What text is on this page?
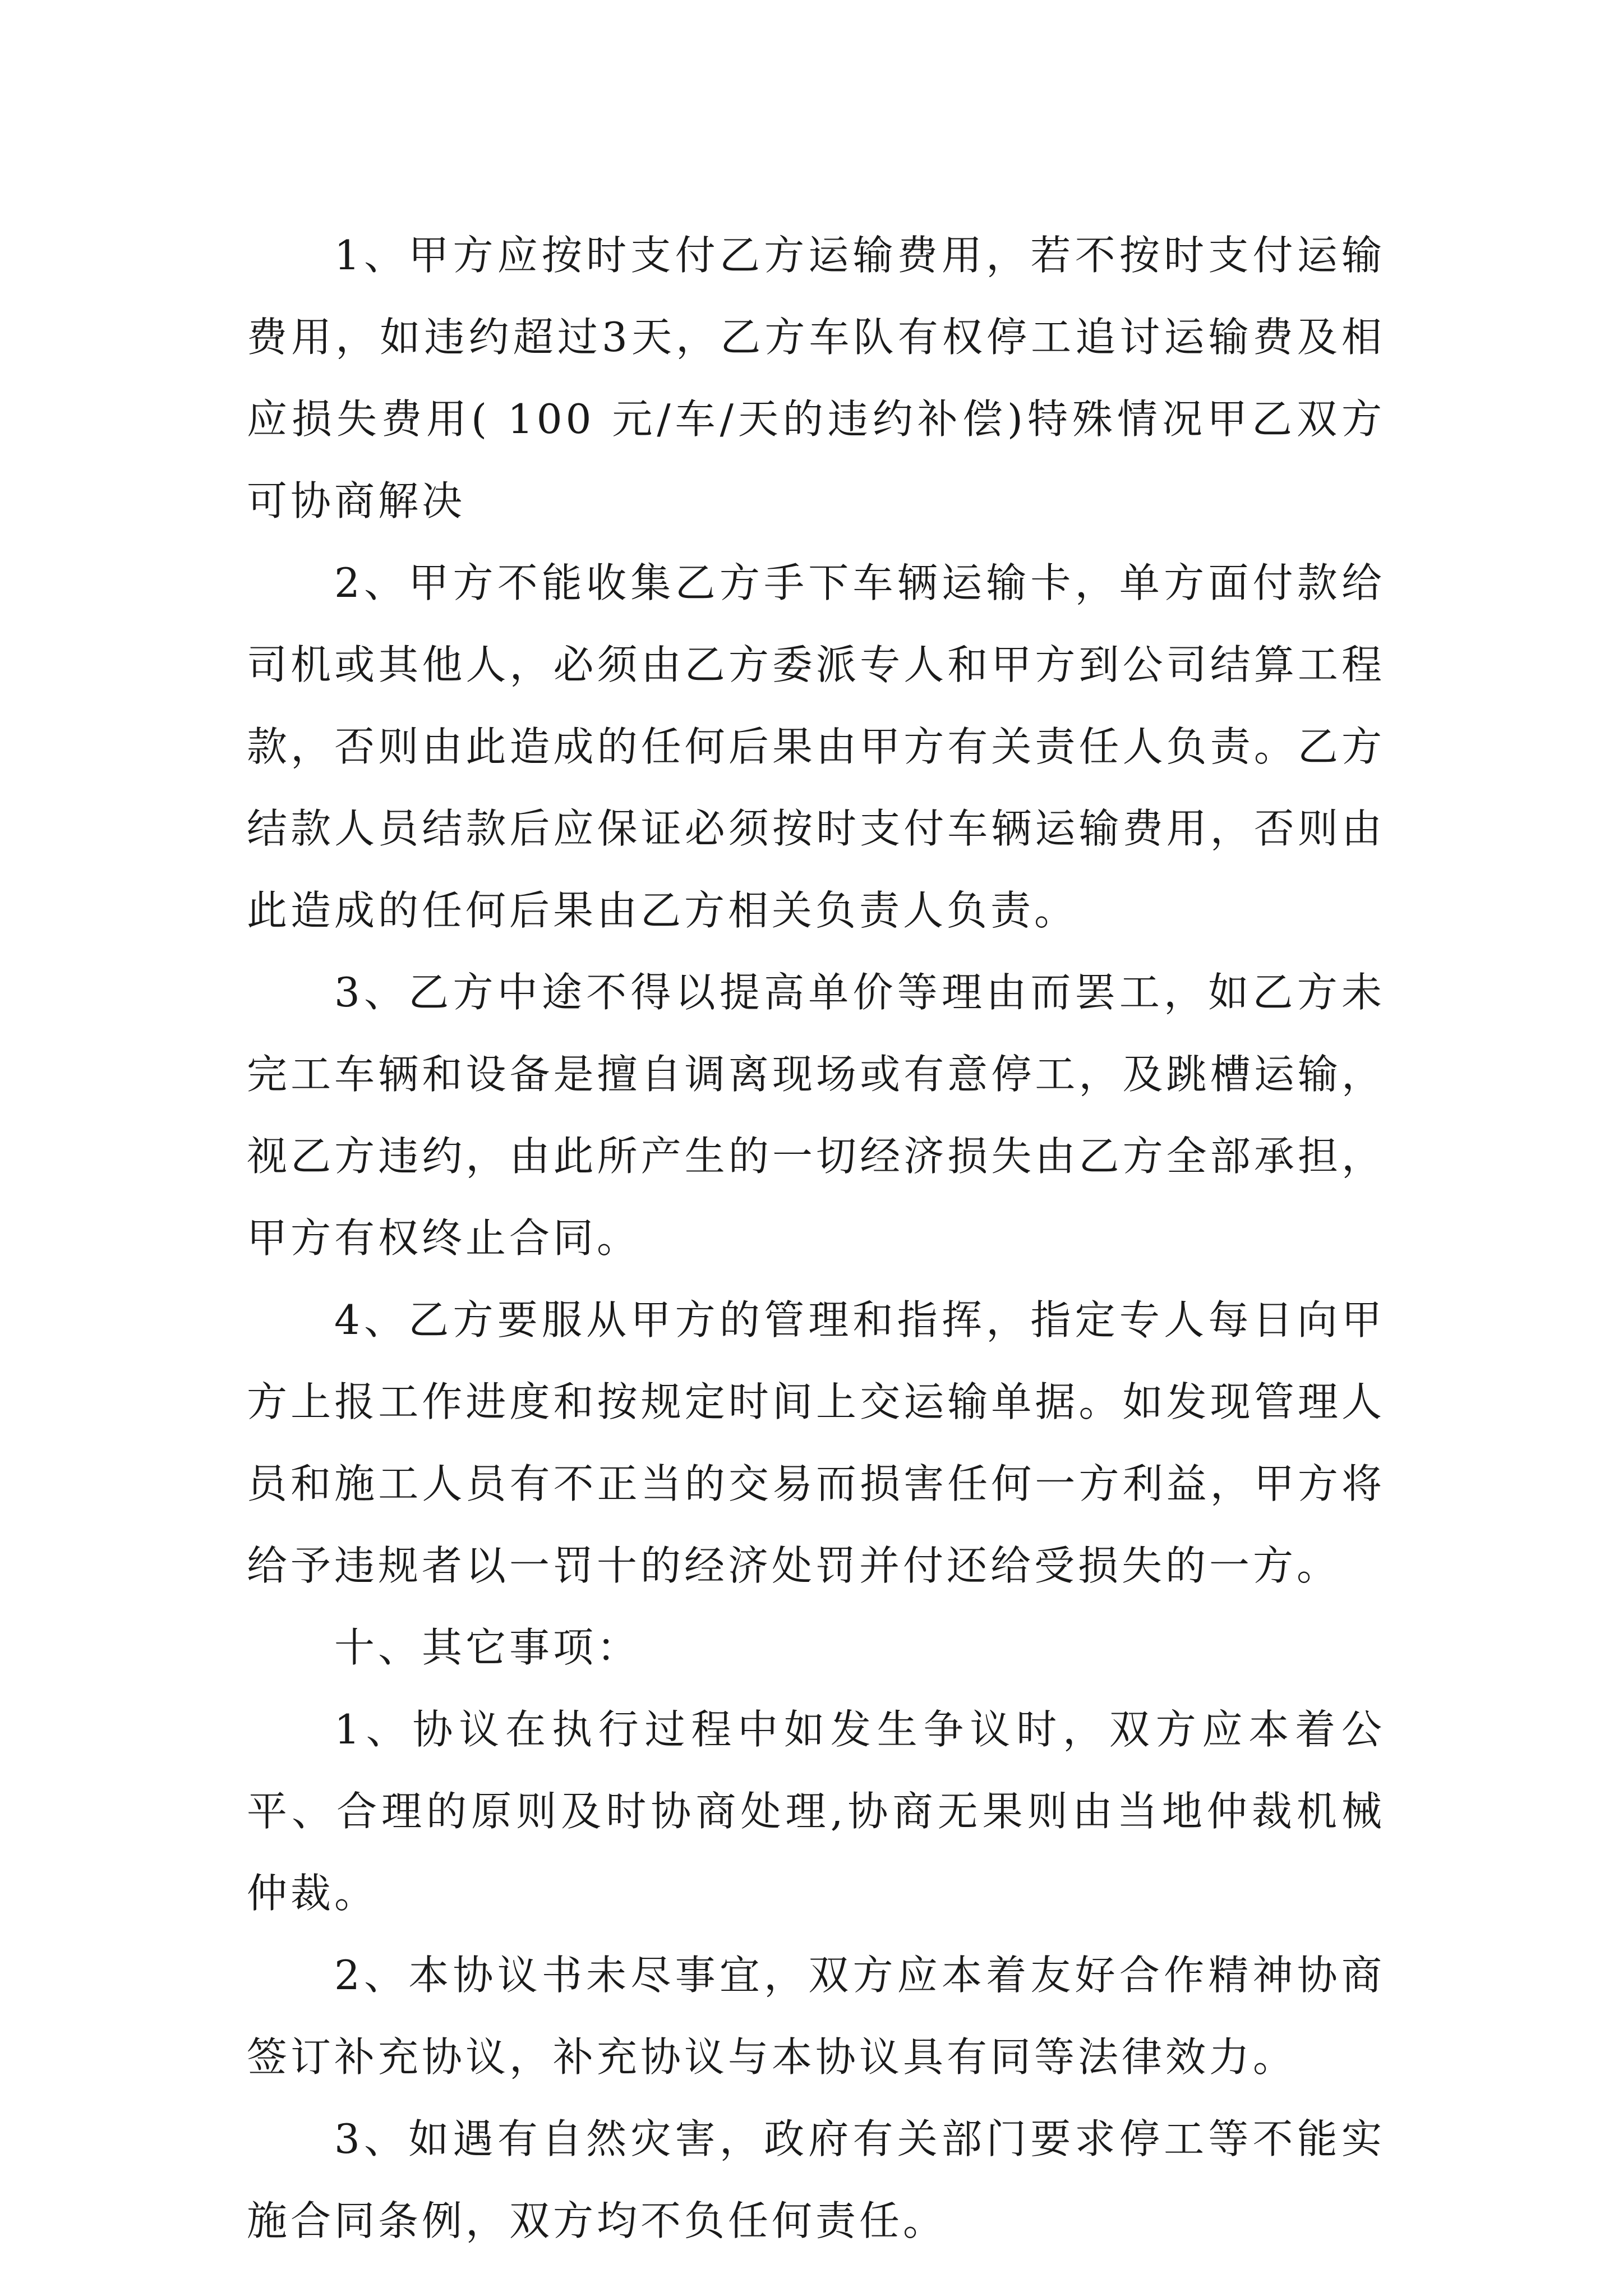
1、甲方应按时支付乙方运输费用，若不按时支付运输费用，如违约超过3天，乙方车队有权停工追讨运输费及相应损失费用( 100 元/车/天的违约补偿)特殊情况甲乙双方可协商解决

2、甲方不能收集乙方手下车辆运输卡，单方面付款给司机或其他人，必须由乙方委派专人和甲方到公司结算工程款，否则由此造成的任何后果由甲方有关责任人负责。乙方结款人员结款后应保证必须按时支付车辆运输费用，否则由此造成的任何后果由乙方相关负责人负责。

3、乙方中途不得以提高单价等理由而罢工，如乙方未完工车辆和设备是擅自调离现场或有意停工，及跳槽运输，视乙方违约，由此所产生的一切经济损失由乙方全部承担，甲方有权终止合同。

4、乙方要服从甲方的管理和指挥，指定专人每日向甲方上报工作进度和按规定时间上交运输单据。如发现管理人员和施工人员有不正当的交易而损害任何一方利益，甲方将给予违规者以一罚十的经济处罚并付还给受损失的一方。

十、其它事项：

1、协议在执行过程中如发生争议时，双方应本着公平、合理的原则及时协商处理,协商无果则由当地仲裁机械仲裁。

2、本协议书未尽事宜，双方应本着友好合作精神协商签订补充协议，补充协议与本协议具有同等法律效力。

3、如遇有自然灾害，政府有关部门要求停工等不能实施合同条例，双方均不负任何责任。
